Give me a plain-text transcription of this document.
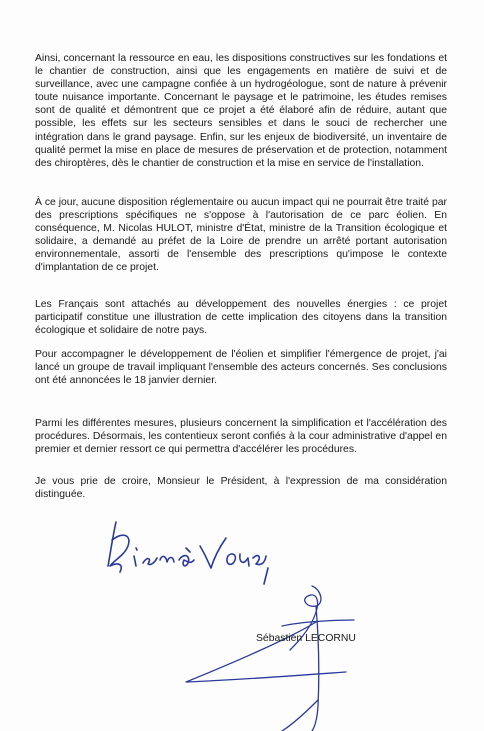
Ainsi, concernant la ressource en eau, les dispositions constructives sur les fondations et le chantier de construction, ainsi que les engagements en matière de suivi et de surveillance, avec une campagne confiée à un hydrogéologue, sont de nature à prévenir toute nuisance importante. Concernant le paysage et le patrimoine, les études remises sont de qualité et démontrent que ce projet a été élaboré afin de réduire, autant que possible, les effets sur les secteurs sensibles et dans le souci de rechercher une intégration dans le grand paysage. Enfin, sur les enjeux de biodiversité, un inventaire de qualité permet la mise en place de mesures de préservation et de protection, notamment des chiroptères, dès le chantier de construction et la mise en service de l'installation.

À ce jour, aucune disposition réglementaire ou aucun impact qui ne pourrait être traité par des prescriptions spécifiques ne s'oppose à l'autorisation de ce parc éolien. En conséquence, M. Nicolas HULOT, ministre d'État, ministre de la Transition écologique et solidaire, a demandé au préfet de la Loire de prendre un arrêté portant autorisation environnementale, assorti de l'ensemble des prescriptions qu'impose le contexte d'implantation de ce projet.

Les Français sont attachés au développement des nouvelles énergies : ce projet participatif constitue une illustration de cette implication des citoyens dans la transition écologique et solidaire de notre pays.

Pour accompagner le développement de l'éolien et simplifier l'émergence de projet, j'ai lancé un groupe de travail impliquant l'ensemble des acteurs concernés. Ses conclusions ont été annoncées le 18 janvier dernier.

Parmi les différentes mesures, plusieurs concernent la simplification et l'accélération des procédures. Désormais, les contentieux seront confiés à la cour administrative d'appel en premier et dernier ressort ce qui permettra d'accélérer les procédures.

Je vous prie de croire, Monsieur le Président, à l'expression de ma considération distinguée.

Sébastien LECORNU
